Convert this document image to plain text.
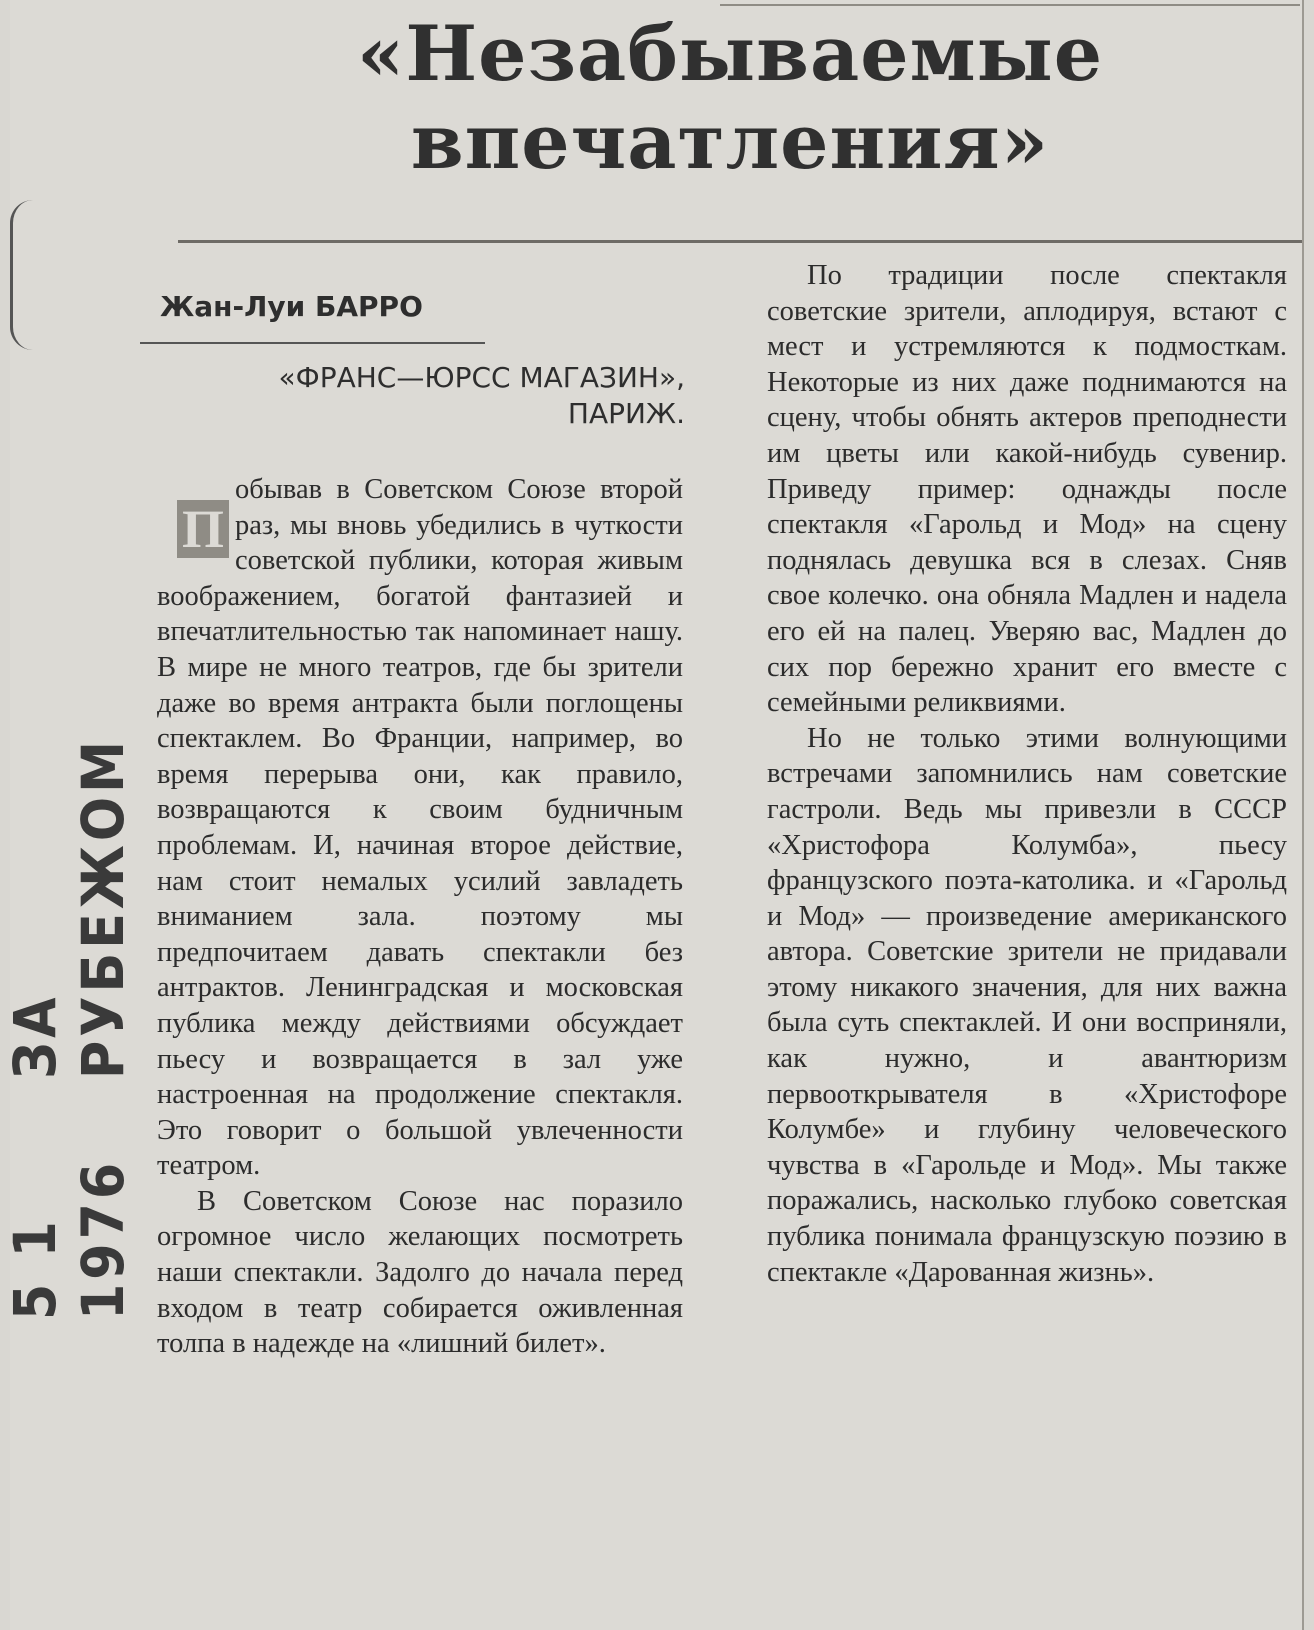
«Незабываемые впечатления»
5 1 1976
ЗА РУБЕЖОМ
Жан-Луи БАРРО
«ФРАНС—ЮРСС МАГАЗИН»,
ПАРИЖ.

П
обывав в Советском Союзе второй раз, мы вновь убедились в чуткости советской публики, которая живым воображением, богатой фантазией и впечатлительностью так напоминает нашу. В мире не много театров, где бы зрители даже во время антракта были поглощены спектаклем. Во Франции, например, во время перерыва они, как правило, возвращаются к своим будничным проблемам. И, начиная второе действие, нам стоит немалых усилий завладеть вниманием зала. поэтому мы предпочитаем давать спектакли без антрактов. Ленинградская и московская публика между действиями обсуждает пьесу и возвращается в зал уже настроенная на продолжение спектакля. Это говорит о большой увлеченности театром.

В Советском Союзе нас поразило огромное число желающих посмотреть наши спектакли. Задолго до начала перед входом в театр собирается оживленная толпа в надежде на «лишний билет».

По традиции после спектакля советские зрители, аплодируя, встают с мест и устремляются к подмосткам. Некоторые из них даже поднимаются на сцену, чтобы обнять актеров преподнести им цветы или какой-нибудь сувенир. Приведу пример: однажды после спектакля «Гарольд и Мод» на сцену поднялась девушка вся в слезах. Сняв свое колечко. она обняла Мадлен и надела его ей на палец. Уверяю вас, Мадлен до сих пор бережно хранит его вместе с семейными реликвиями.

Но не только этими волнующими встречами запомнились нам советские гастроли. Ведь мы привезли в СССР «Христофора Колумба», пьесу французского поэта-католика. и «Гарольд и Мод» — произведение американского автора. Советские зрители не придавали этому никакого значения, для них важна была суть спектаклей. И они восприняли, как нужно, и авантюризм первооткрывателя в «Христофоре Колумбе» и глубину человеческого чувства в «Гарольде и Мод». Мы также поражались, насколько глубоко советская публика понимала французскую поэзию в спектакле «Дарованная жизнь».
